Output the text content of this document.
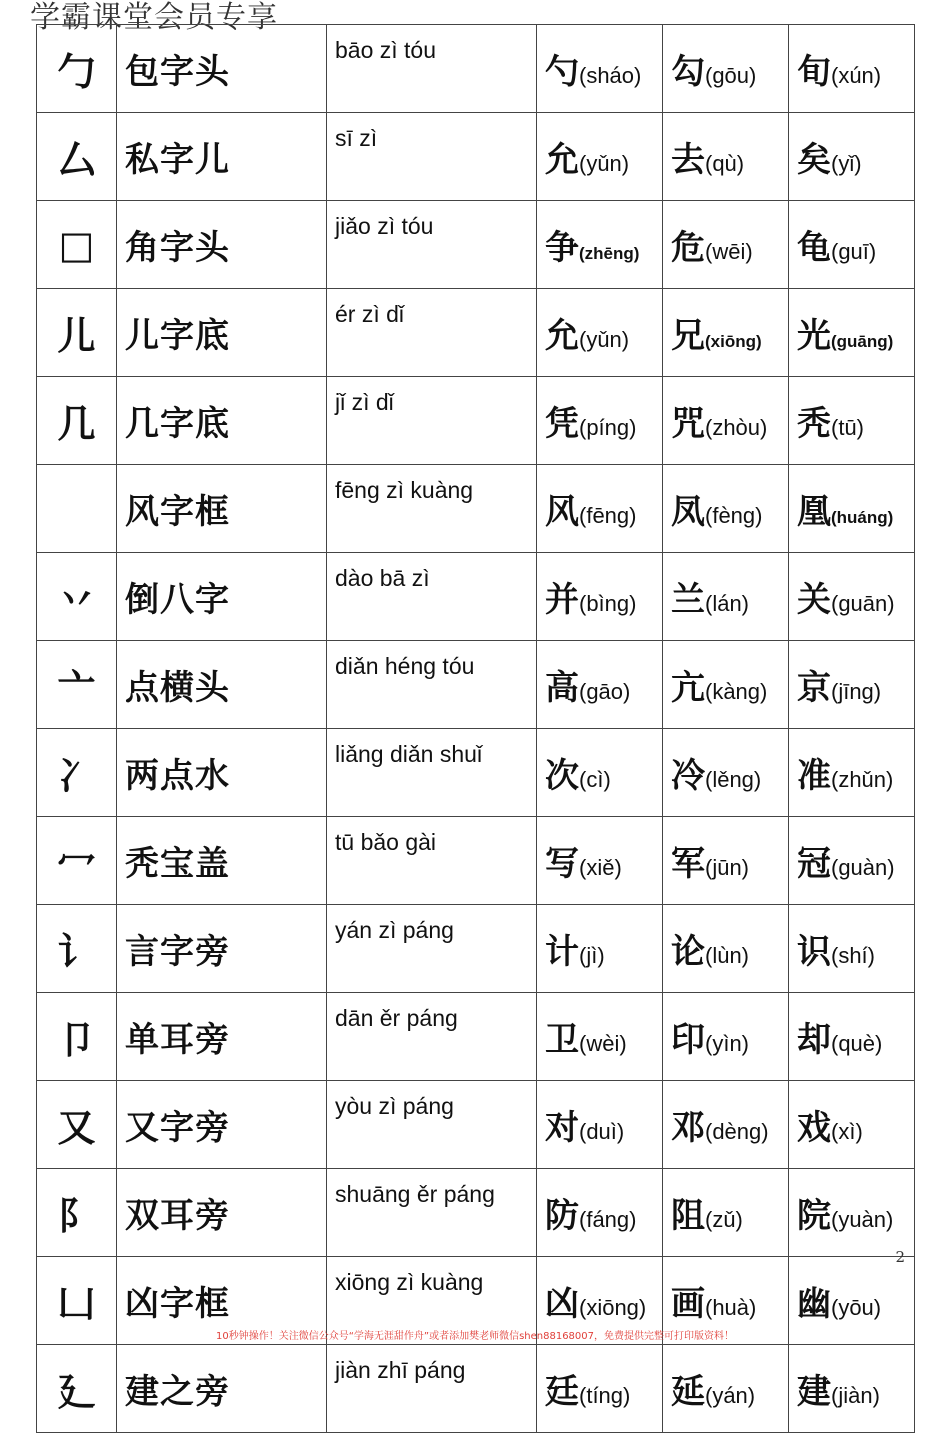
学霸课堂会员专享
勹	包字头	bāo zì tóu	勺(sháo)	勾(gōu)	旬(xún)
厶	私字儿	sī zì	允(yǔn)	去(qù)	矣(yǐ)
□	角字头	jiǎo zì tóu	争(zhēng)	危(wēi)	龟(guī)
儿	儿字底	ér zì dǐ	允(yǔn)	兄(xiōng)	光(guāng)
几	几字底	jǐ zì dǐ	凭(píng)	咒(zhòu)	秃(tū)
	风字框	fēng zì kuàng	风(fēng)	凤(fèng)	凰(huáng)
丷	倒八字	dào bā zì	并(bìng)	兰(lán)	关(guān)
亠	点横头	diǎn héng tóu	高(gāo)	亢(kàng)	京(jīng)
冫	两点水	liǎng diǎn shuǐ	次(cì)	冷(lěng)	准(zhǔn)
冖	秃宝盖	tū bǎo gài	写(xiě)	军(jūn)	冠(guàn)
讠	言字旁	yán zì páng	计(jì)	论(lùn)	识(shí)
卩	单耳旁	dān ěr páng	卫(wèi)	印(yìn)	却(què)
又	又字旁	yòu zì páng	对(duì)	邓(dèng)	戏(xì)
阝	双耳旁	shuāng ěr páng	防(fáng)	阻(zǔ)	院(yuàn)
凵	凶字框	xiōng zì kuàng	凶(xiōng)	画(huà)	幽(yōu)
廴	建之旁	jiàn zhī páng	廷(tíng)	延(yán)	建(jiàn)
2
10秒钟操作！关注微信公众号“学海无涯甜作舟”或者添加樊老师微信shen88168007，免费提供完整可打印版资料！
